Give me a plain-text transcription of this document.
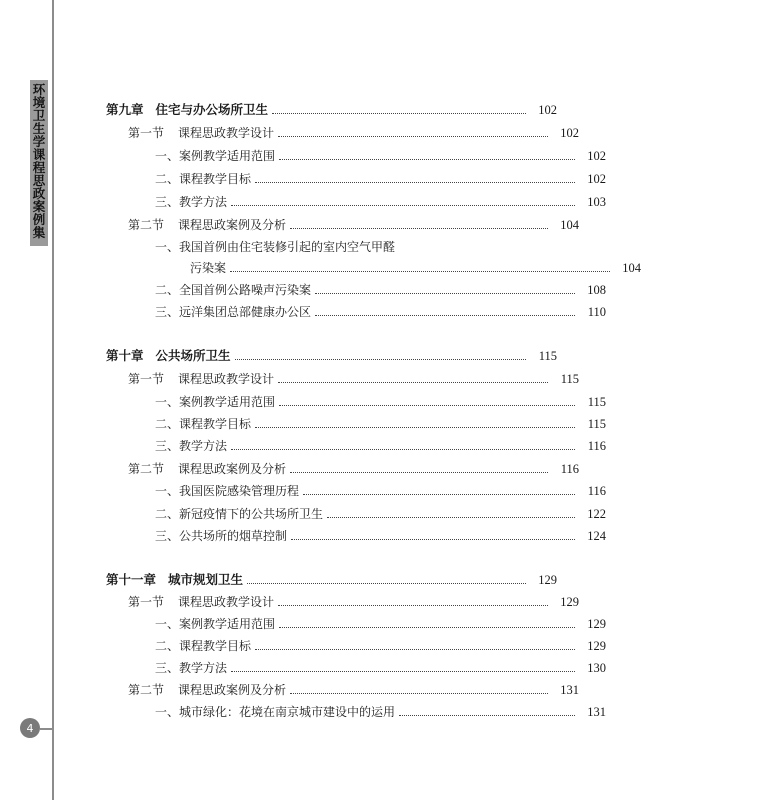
环
境
卫
生
学
课
程
思
政
案
例
集
4
第九章 住宅与办公场所卫生	102
第一节 课程思政教学设计	102
一、案例教学适用范围	102
二、课程教学目标	102
三、教学方法	103
第二节 课程思政案例及分析	104
一、我国首例由住宅装修引起的室内空气甲醛
污染案	104
二、全国首例公路噪声污染案	108
三、远洋集团总部健康办公区	110
第十章 公共场所卫生	115
第一节 课程思政教学设计	115
一、案例教学适用范围	115
二、课程教学目标	115
三、教学方法	116
第二节 课程思政案例及分析	116
一、我国医院感染管理历程	116
二、新冠疫情下的公共场所卫生	122
三、公共场所的烟草控制	124
第十一章 城市规划卫生	129
第一节 课程思政教学设计	129
一、案例教学适用范围	129
二、课程教学目标	129
三、教学方法	130
第二节 课程思政案例及分析	131
一、城市绿化：花境在南京城市建设中的运用	131
